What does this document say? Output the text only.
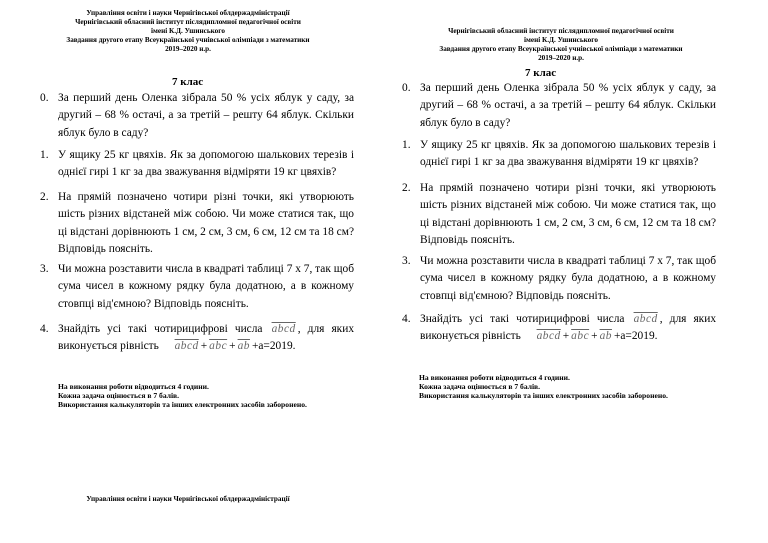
Управління освіти і науки Чернігівської облдержадміністрації
Чернігівський обласний інститут післядипломної педагогічної освіти
імені К.Д. Ушинського
Завдання другого етапу Всеукраїнської учнівської олімпіади з математики
2019–2020 н.р.
7 клас
0. За перший день Оленка зібрала 50 % усіх яблук у саду, за другий – 68 % остачі, а за третій – решту 64 яблук. Скільки яблук було в саду?
1. У ящику 25 кг цвяхів. Як за допомогою шалькових терезів і однієї гирі 1 кг за два зважування відміряти 19 кг цвяхів?
2. На прямій позначено чотири різні точки, які утворюють шість різних відстаней між собою. Чи може статися так, що ці відстані дорівнюють 1 см, 2 см, 3 см, 6 см, 12 см та 18 см? Відповідь поясніть.
3. Чи можна розставити числа в квадраті таблиці 7 х 7, так щоб сума чисел в кожному рядку була додатною, а в кожному стовпці від'ємною? Відповідь поясніть.
4. Знайдіть усі такі чотирицифрові числа abcd , для яких виконується рівність abcd + $\overline{abc} + \overline{ab} +a=2019$.
На виконання роботи відводиться 4 години.
Кожна задача оцінюється в 7 балів.
Використання калькуляторів та інших електронних засобів заборонено.
Управління освіти і науки Чернігівської облдержадміністрації
Чернігівський обласний інститут післядипломної педагогічної освіти
імені К.Д. Ушинського
Завдання другого етапу Всеукраїнської учнівської олімпіади з математики
2019–2020 н.р.
7 клас
0. За перший день Оленка зібрала 50 % усіх яблук у саду, за другий – 68 % остачі, а за третій – решту 64 яблук. Скільки яблук було в саду?
1. У ящику 25 кг цвяхів. Як за допомогою шалькових терезів і однієї гирі 1 кг за два зважування відміряти 19 кг цвяхів?
2. На прямій позначено чотири різні точки, які утворюють шість різних відстаней між собою. Чи може статися так, що ці відстані дорівнюють 1 см, 2 см, 3 см, 6 см, 12 см та 18 см? Відповідь поясніть.
3. Чи можна розставити числа в квадраті таблиці 7 х 7, так щоб сума чисел в кожному рядку була додатною, а в кожному стовпці від'ємною? Відповідь поясніть.
4. Знайдіть усі такі чотирицифрові числа abcd , для яких виконується рівність abcd + $\overline{abc} + \overline{ab} +a=2019$.
На виконання роботи відводиться 4 години.
Кожна задача оцінюється в 7 балів.
Використання калькуляторів та інших електронних засобів заборонено.
